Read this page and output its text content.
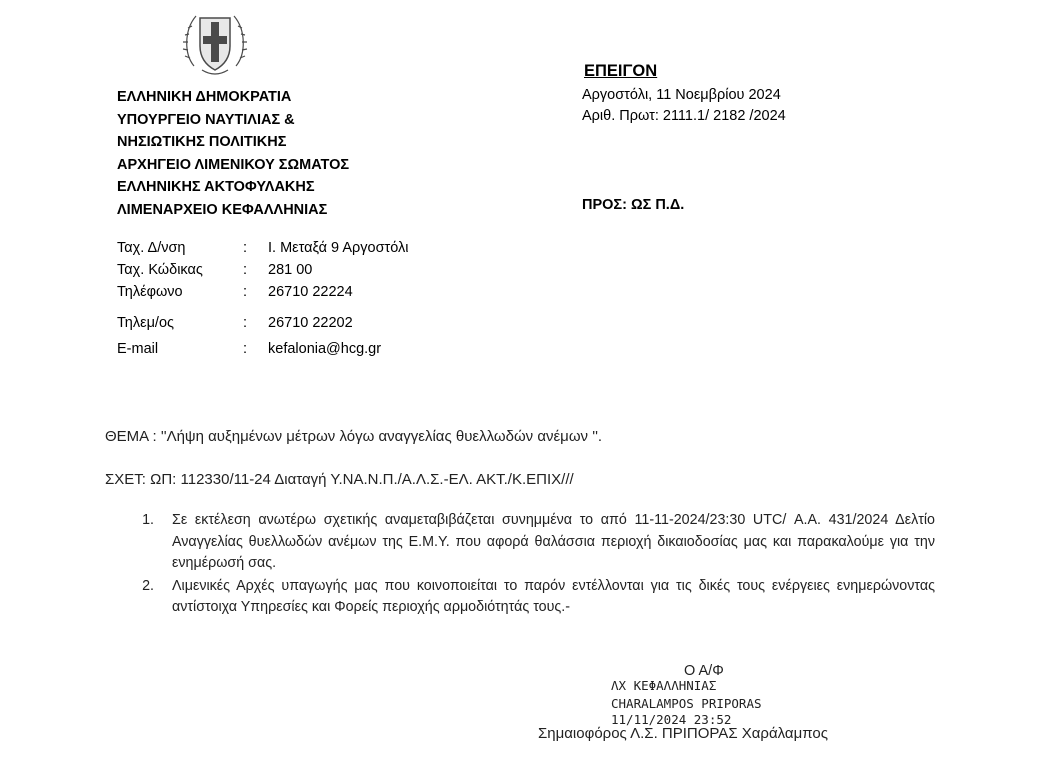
ΕΛΛΗΝΙΚΗ ΔΗΜΟΚΡΑΤΙΑ
ΥΠΟΥΡΓΕΙΟ ΝΑΥΤΙΛΙΑΣ &
ΝΗΣΙΩΤΙΚΗΣ ΠΟΛΙΤΙΚΗΣ
ΑΡΧΗΓΕΙΟ ΛΙΜΕΝΙΚΟΥ ΣΩΜΑΤΟΣ
ΕΛΛΗΝΙΚΗΣ ΑΚΤΟΦΥΛΑΚΗΣ
ΛΙΜΕΝΑΡΧΕΙΟ ΚΕΦΑΛΛΗΝΙΑΣ
ΕΠΕΙΓΟΝ
Αργοστόλι, 11 Νοεμβρίου 2024
Αριθ. Πρωτ: 2111.1/ 2182 /2024
ΠΡΟΣ: ΩΣ Π.Δ.
Ταχ. Δ/νση	: Ι. Μεταξά 9 Αργοστόλι
Ταχ. Κώδικας	: 281 00
Τηλέφωνο	: 26710 22224
Τηλεμ/ος	: 26710 22202
E-mail	: kefalonia@hcg.gr
ΘΕΜΑ : ''Λήψη αυξημένων μέτρων λόγω αναγγελίας θυελλωδών ανέμων ''.
ΣΧΕΤ: ΩΠ: 112330/11-24 Διαταγή Υ.ΝΑ.Ν.Π./Α.Λ.Σ.-ΕΛ. ΑΚΤ./Κ.ΕΠΙΧ///
1.	Σε εκτέλεση ανωτέρω σχετικής αναμεταβιβάζεται συνημμένα το από 11-11-2024/23:30 UTC/ Α.Α. 431/2024 Δελτίο Αναγγελίας θυελλωδών ανέμων της Ε.Μ.Υ. που αφορά θαλάσσια περιοχή δικαιοδοσίας μας και παρακαλούμε για την ενημέρωσή σας.
2.	Λιμενικές Αρχές υπαγωγής μας που κοινοποιείται το παρόν εντέλλονται για τις δικές τους ενέργειες ενημερώνοντας αντίστοιχα Υπηρεσίες και Φορείς περιοχής αρμοδιότητάς τους.-
Ο Α/Φ
ΛΧ ΚΕΦΑΛΛΗΝΙΑΣ
CHARALAMPOS PRIPORAS
11/11/2024 23:52
Σημαιοφόρος Λ.Σ. ΠΡΙΠΟΡΑΣ Χαράλαμπος
